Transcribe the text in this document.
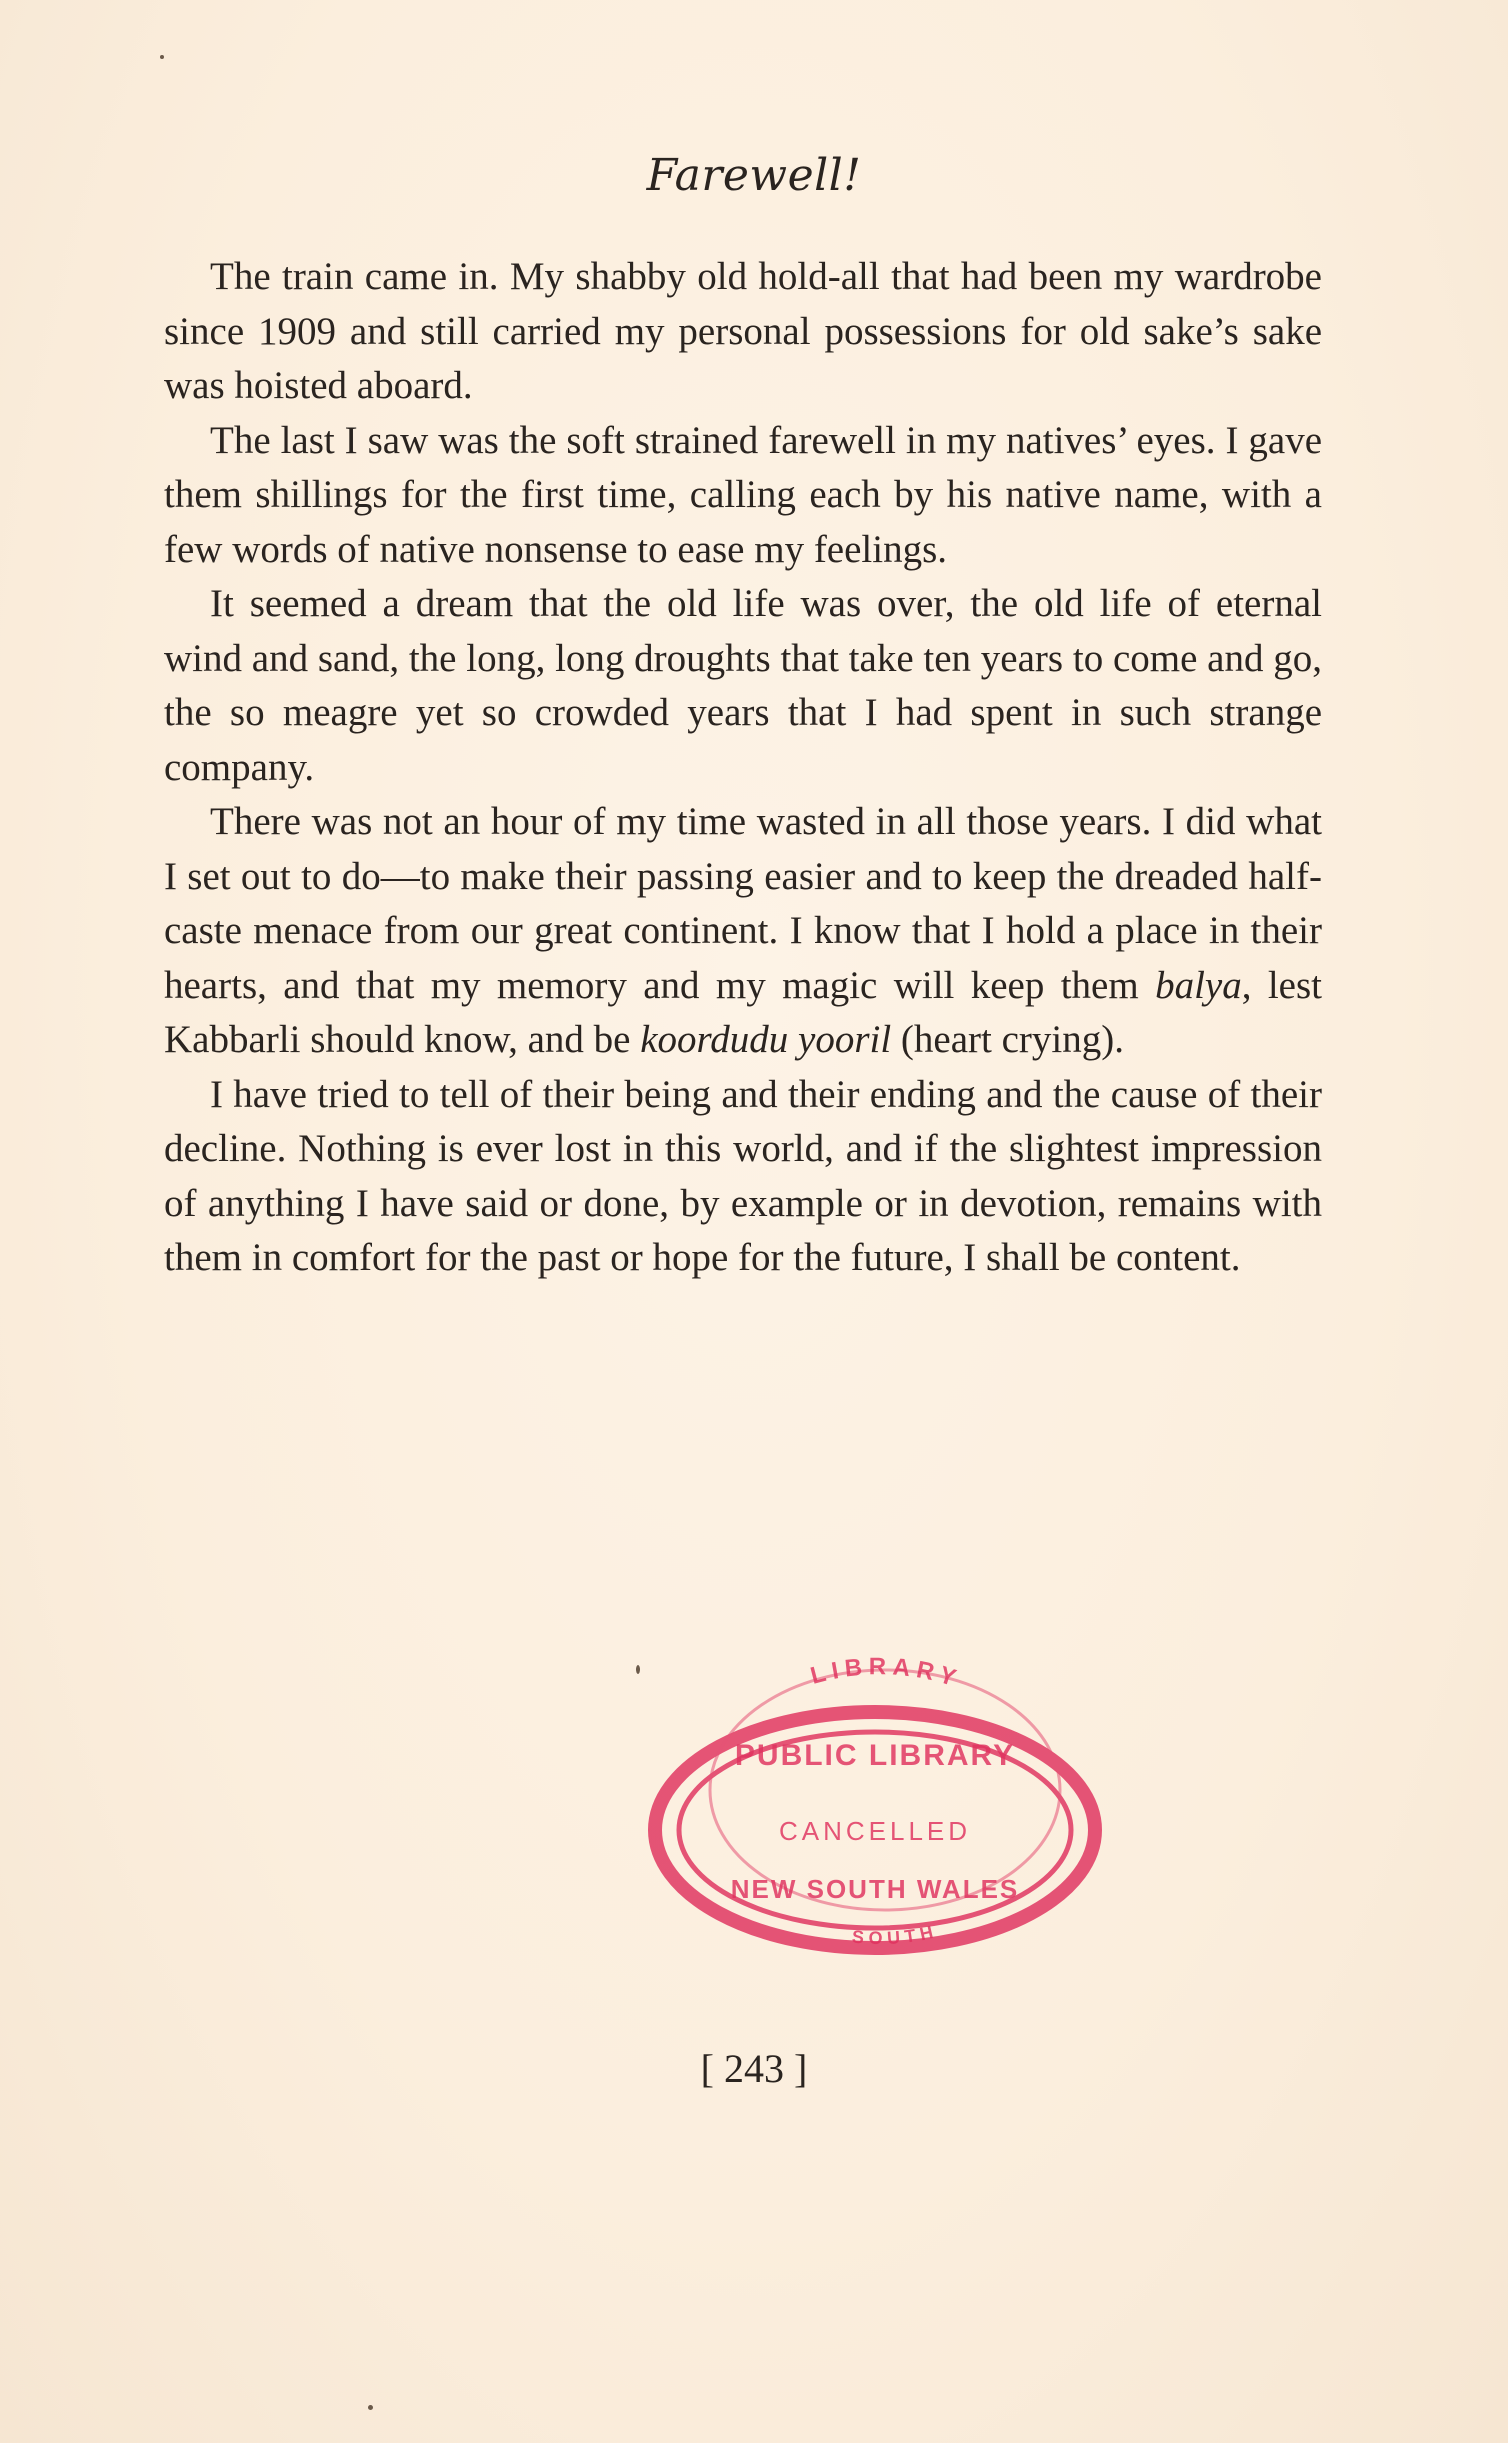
Farewell!

The train came in. My shabby old hold-all that had been my wardrobe since 1909 and still carried my personal possessions for old sake’s sake was hoisted aboard.

The last I saw was the soft strained farewell in my natives’ eyes. I gave them shillings for the first time, calling each by his native name, with a few words of native nonsense to ease my feelings.

It seemed a dream that the old life was over, the old life of eternal wind and sand, the long, long droughts that take ten years to come and go, the so meagre yet so crowded years that I had spent in such strange company.

There was not an hour of my time wasted in all those years. I did what I set out to do—to make their passing easier and to keep the dreaded half-caste menace from our great continent. I know that I hold a place in their hearts, and that my memory and my magic will keep them balya, lest Kabbarli should know, and be koordudu yooril (heart crying).

I have tried to tell of their being and their ending and the cause of their decline. Nothing is ever lost in this world, and if the slightest impression of anything I have said or done, by example or in devotion, remains with them in comfort for the past or hope for the future, I shall be content.

LIBRARY
PUBLIC LIBRARY
CANCELLED
NEW SOUTH WALES
SOUTH
[ 243 ]
